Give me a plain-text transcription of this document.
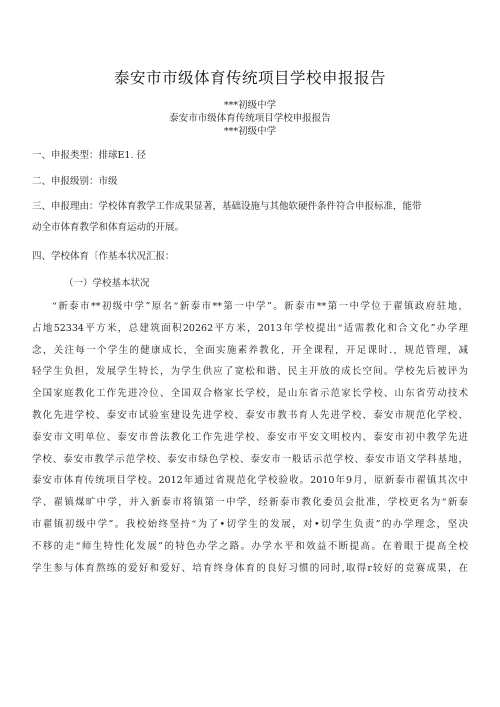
泰安市市级体育传统项目学校申报报告
***初级中学
泰安市市级体育传统项目学校申报报告
***初级中学
一、申报类型：排球E1. 径
二、申报级别：市级
三、申报理由：学校体育教学工作成果显著，基础设施与其他软硬件条件符合申报标准，能带
动全市体育教学和体育运动的开展。
四、学校体育〔作基本状况汇报：
（一）学校基本状况
“新泰市**初级中学”原名“新泰市**第一中学”。新泰市**第一中学位于翟镇政府驻地，
占地52334平方米，总建筑面积20262平方米，2013年学校提出“适需教化和合文化”办学理
念，关注每一个学生的健康成长，全面实施素养教化，开全课程，开足课时.，规范管理，减
轻学生负担，发展学生特长，为学生供应了宽松和谐、民主开放的成长空间。学校先后被评为
全国家庭教化工作先进冷位、全国双合格家长学校，是山东省示范家长学校、山东省劳动技术
教化先进学校、泰安市试验室建设先进学校、泰安市教书育人先进学校、泰安市规范化学校、
泰安市文明单位、泰安市普法教化工作先进学校、泰安市平安文明校内、泰安市初中教学先进
学校、泰安市教学示范学校、泰安市绿色学校、泰安市一般话示范学校、泰安市语文学科基地，
泰安市体育传统项目学校。2012年通过省规范化学校验收。2010年9月，原新泰市翟镇其次中
学、翟镇煤旷中学，并入新泰市将镇第一中学，经新泰市教化委员会批准，学校更名为“新泰
市翟镇初级中学”。我校始终坚持“为了•切学生的发展，对•切学生负责”的办学理念，坚决
不移的走“师生特性化发展”的特色办学之路。办学水平和效益不断提高。在着眼于提高全校
学生参与体育熬练的爱好和爱好、培育终身体育的良好习惯的同时,取得r较好的竞赛成果，在
